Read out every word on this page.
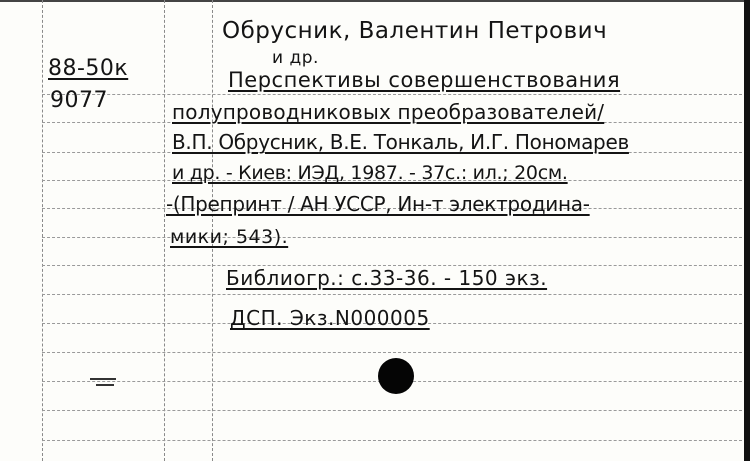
88-50к
9077
Обрусник, Валентин Петрович
и др.
Перспективы совершенствования
полупроводниковых преобразователей/
В.П. Обрусник, В.Е. Тонкаль, И.Г. Пономарев
и др. - Киев: ИЭД, 1987. - 37с.: ил.; 20см.
-(Препринт / АН УССР, Ин-т электродина-
мики; 543).
Библиогр.: с.33-36. - 150 экз.
ДСП. Экз.N000005
